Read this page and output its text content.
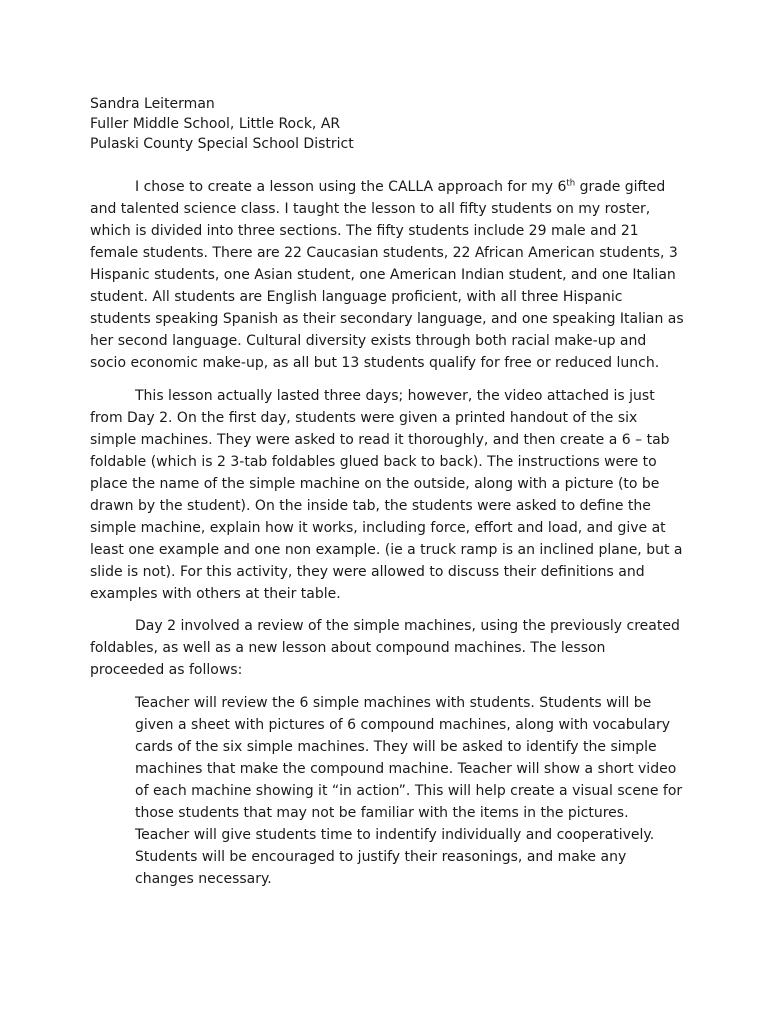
Sandra Leiterman
Fuller Middle School, Little Rock, AR
Pulaski County Special School District

I chose to create a lesson using the CALLA approach for my 6th grade gifted and talented science class. I taught the lesson to all fifty students on my roster, which is divided into three sections. The fifty students include 29 male and 21 female students. There are 22 Caucasian students, 22 African American students, 3 Hispanic students, one Asian student, one American Indian student, and one Italian student. All students are English language proficient, with all three Hispanic students speaking Spanish as their secondary language, and one speaking Italian as her second language. Cultural diversity exists through both racial make-up and socio economic make-up, as all but 13 students qualify for free or reduced lunch.

This lesson actually lasted three days; however, the video attached is just from Day 2. On the first day, students were given a printed handout of the six simple machines. They were asked to read it thoroughly, and then create a 6 – tab foldable (which is 2 3-tab foldables glued back to back). The instructions were to place the name of the simple machine on the outside, along with a picture (to be drawn by the student). On the inside tab, the students were asked to define the simple machine, explain how it works, including force, effort and load, and give at least one example and one non example. (ie a truck ramp is an inclined plane, but a slide is not). For this activity, they were allowed to discuss their definitions and examples with others at their table.

Day 2 involved a review of the simple machines, using the previously created foldables, as well as a new lesson about compound machines. The lesson proceeded as follows:

Teacher will review the 6 simple machines with students. Students will be given a sheet with pictures of 6 compound machines, along with vocabulary cards of the six simple machines. They will be asked to identify the simple machines that make the compound machine. Teacher will show a short video of each machine showing it “in action”. This will help create a visual scene for those students that may not be familiar with the items in the pictures. Teacher will give students time to indentify individually and cooperatively. Students will be encouraged to justify their reasonings, and make any changes necessary.
